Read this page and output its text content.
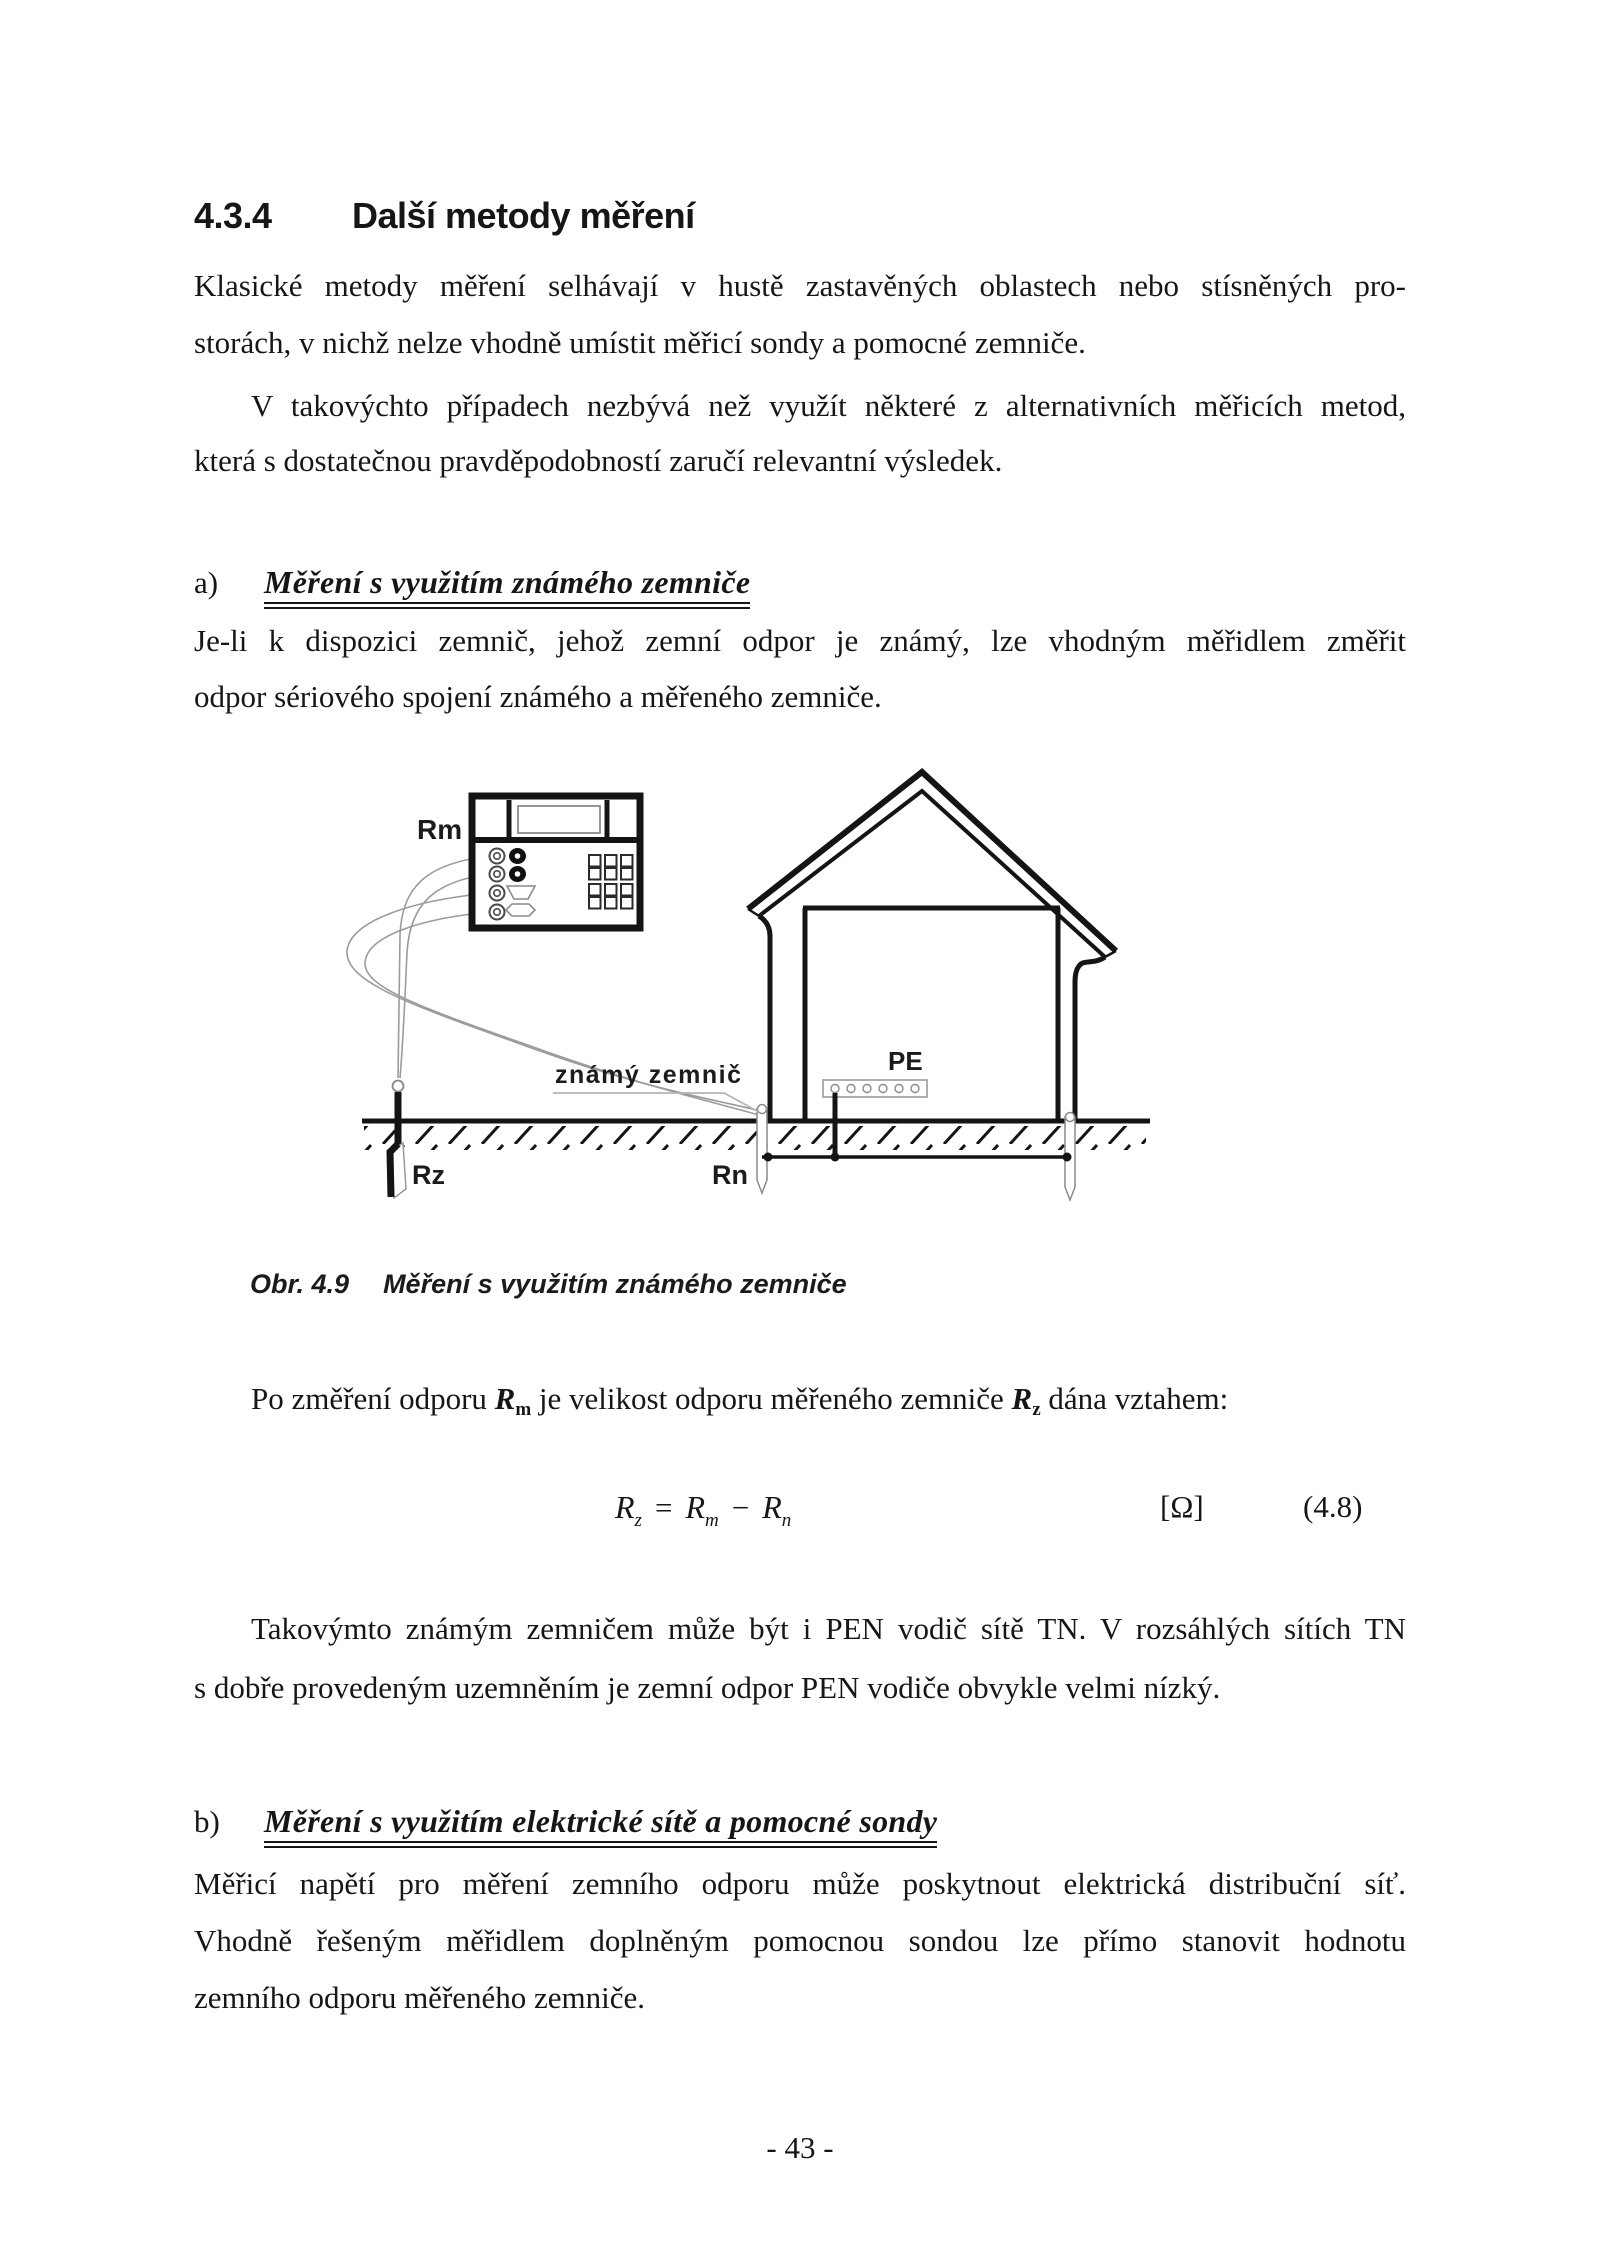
4.3.4 Další metody měření
Klasické metody měření selhávají v hustě zastavěných oblastech nebo stísněných pro-
storách, v nichž nelze vhodně umístit měřicí sondy a pomocné zemniče.
V takovýchto případech nezbývá než využít některé z alternativních měřicích metod,
která s dostatečnou pravděpodobností zaručí relevantní výsledek.
a) Měření s využitím známého zemniče
Je-li k dispozici zemnič, jehož zemní odpor je známý, lze vhodným měřidlem změřit
odpor sériového spojení známého a měřeného zemniče.
Rz
PE
Rn
známý zemnič
Rm
Obr. 4.9 Měření s využitím známého zemniče
Po změření odporu Rm je velikost odporu měřeného zemniče Rz dána vztahem:
Rz = Rm − Rn	[Ω]	(4.8)
Takovýmto známým zemničem může být i PEN vodič sítě TN. V rozsáhlých sítích TN
s dobře provedeným uzemněním je zemní odpor PEN vodiče obvykle velmi nízký.
b) Měření s využitím elektrické sítě a pomocné sondy
Měřicí napětí pro měření zemního odporu může poskytnout elektrická distribuční síť.
Vhodně řešeným měřidlem doplněným pomocnou sondou lze přímo stanovit hodnotu
zemního odporu měřeného zemniče.
- 43 -
